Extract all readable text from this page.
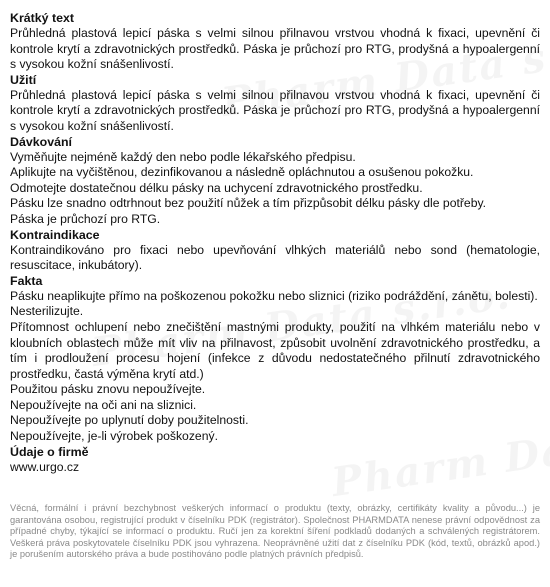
Krátký text

Průhledná plastová lepicí páska s velmi silnou přilnavou vrstvou vhodná k fixaci, upevnění či kontrole krytí a zdravotnických prostředků. Páska je průchozí pro RTG, prodyšná a hypoalergenní s vysokou kožní snášenlivostí.

Užití

Průhledná plastová lepicí páska s velmi silnou přilnavou vrstvou vhodná k fixaci, upevnění či kontrole krytí a zdravotnických prostředků. Páska je průchozí pro RTG, prodyšná a hypoalergenní s vysokou kožní snášenlivostí.

Dávkování

Vyměňujte nejméně každý den nebo podle lékařského předpisu.

Aplikujte na vyčištěnou, dezinfikovanou a následně opláchnutou a osušenou pokožku.

Odmotejte dostatečnou délku pásky na uchycení zdravotnického prostředku.

Pásku lze snadno odtrhnout bez použití nůžek a tím přizpůsobit délku pásky dle potřeby.

Páska je průchozí pro RTG.

Kontraindikace

Kontraindikováno pro fixaci nebo upevňování vlhkých materiálů nebo sond (hematologie, resuscitace, inkubátory).

Fakta

Pásku neaplikujte přímo na poškozenou pokožku nebo sliznici (riziko podráždění, zánětu, bolesti).

Nesterilizujte.

Přítomnost ochlupení nebo znečištění mastnými produkty, použití na vlhkém materiálu nebo v kloubních oblastech může mít vliv na přilnavost, způsobit uvolnění zdravotnického prostředku, a tím i prodloužení procesu hojení (infekce z důvodu nedostatečného přilnutí zdravotnického prostředku, častá výměna krytí atd.)

Použitou pásku znovu nepoužívejte.

Nepoužívejte na oči ani na sliznici.

Nepoužívejte po uplynutí doby použitelnosti.

Nepoužívejte, je-li výrobek poškozený.

Údaje o firmě

www.urgo.cz

Věcná, formální i právní bezchybnost veškerých informací o produktu (texty, obrázky, certifikáty kvality a původu...) je garantována osobou, registrující produkt v číselníku PDK (registrátor). Společnost PHARMDATA nenese právní odpovědnost za případné chyby, týkající se informací o produktu. Ručí jen za korektní šíření podkladů dodaných a schválených registrátorem. Veškerá práva poskytovatele číselníku PDK jsou vyhrazena. Neoprávněné užití dat z číselníku PDK (kód, textů, obrázků apod.) je porušením autorského práva a bude postihováno podle platných právních předpisů.
